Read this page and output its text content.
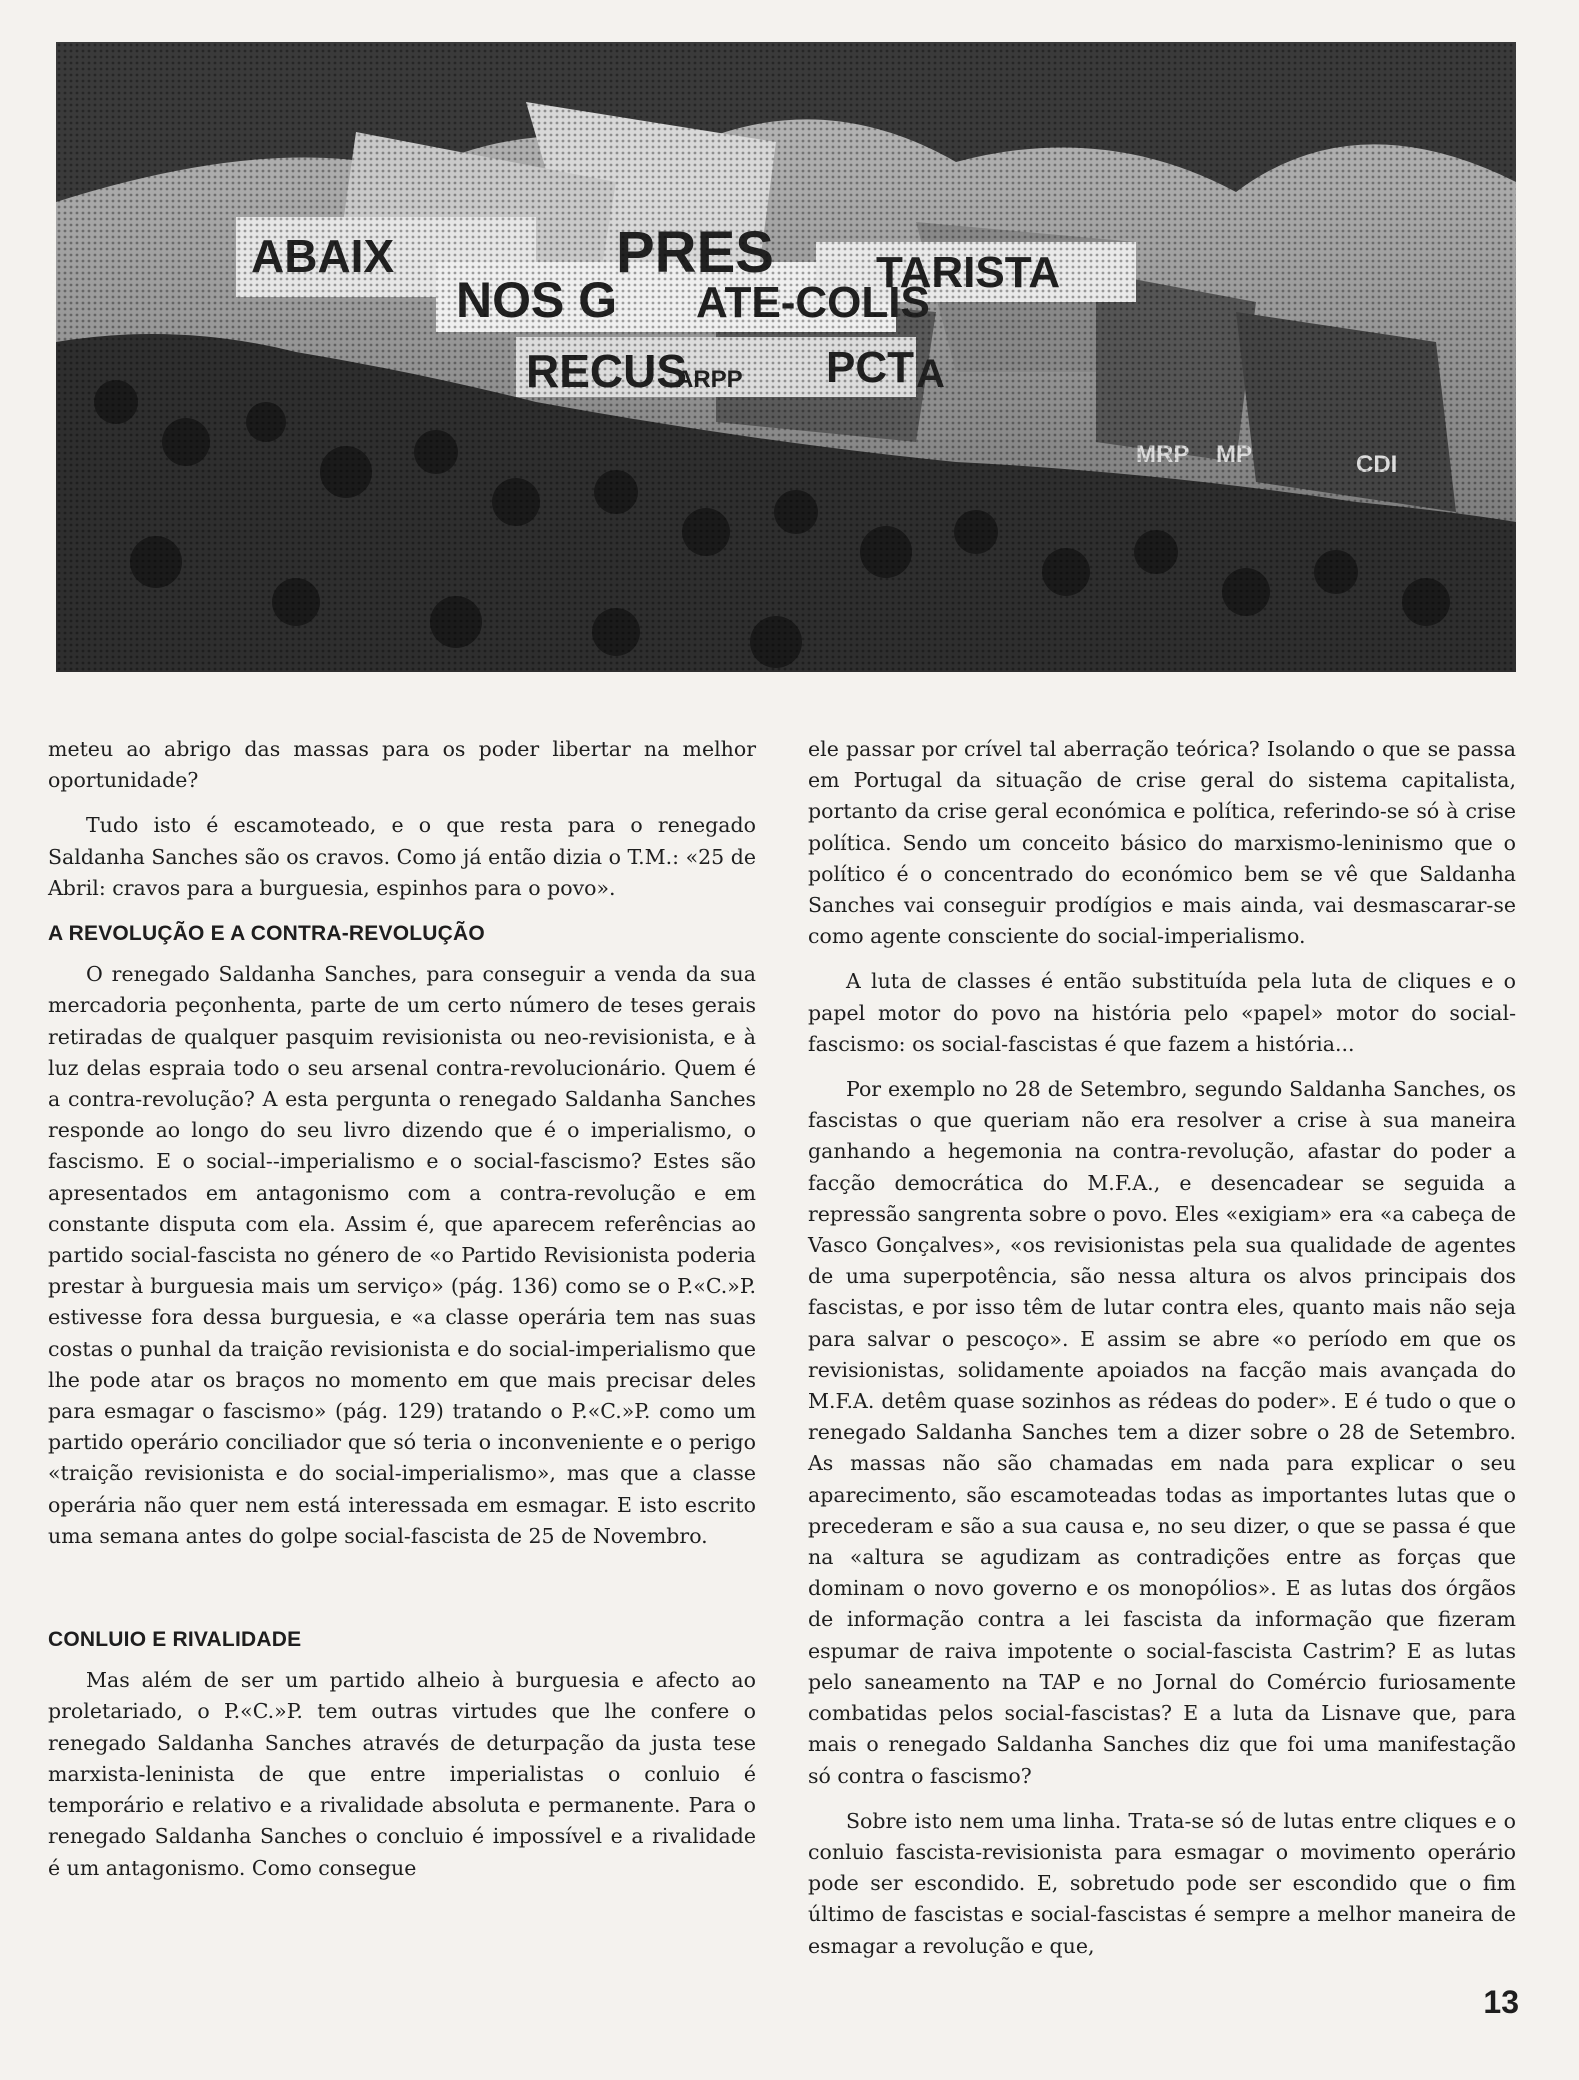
meteu ao abrigo das massas para os poder libertar na melhor oportunidade?

Tudo isto é escamoteado, e o que resta para o renegado Saldanha Sanches são os cravos. Como já então dizia o T.M.: «25 de Abril: cravos para a burguesia, espinhos para o povo».

A REVOLUÇÃO E A CONTRA-REVOLUÇÃO

O renegado Saldanha Sanches, para conseguir a venda da sua mercadoria peçonhenta, parte de um certo número de teses gerais retiradas de qualquer pasquim revisionista ou neo-revisionista, e à luz delas espraia todo o seu arsenal contra-revolucionário. Quem é a contra-revolução? A esta pergunta o renegado Saldanha Sanches responde ao longo do seu livro dizendo que é o imperialismo, o fascismo. E o social--imperialismo e o social-fascismo? Estes são apresentados em antagonismo com a contra-revolução e em constante disputa com ela. Assim é, que aparecem referências ao partido social-fascista no género de «o Partido Revisionista poderia prestar à burguesia mais um serviço» (pág. 136) como se o P.«C.»P. estivesse fora dessa burguesia, e «a classe operária tem nas suas costas o punhal da traição revisionista e do social-imperialismo que lhe pode atar os braços no momento em que mais precisar deles para esmagar o fascismo» (pág. 129) tratando o P.«C.»P. como um partido operário conciliador que só teria o inconveniente e o perigo «traição revisionista e do social-imperialismo», mas que a classe operária não quer nem está interessada em esmagar. E isto escrito uma semana antes do golpe social-fascista de 25 de Novembro.

CONLUIO E RIVALIDADE

Mas além de ser um partido alheio à burguesia e afecto ao proletariado, o P.«C.»P. tem outras virtudes que lhe confere o renegado Saldanha Sanches através de deturpação da justa tese marxista-leninista de que entre imperialistas o conluio é temporário e relativo e a rivalidade absoluta e permanente. Para o renegado Saldanha Sanches o concluio é impossível e a rivalidade é um antagonismo. Como consegue

ele passar por crível tal aberração teórica? Isolando o que se passa em Portugal da situação de crise geral do sistema capitalista, portanto da crise geral económica e política, referindo-se só à crise política. Sendo um conceito básico do marxismo-leninismo que o político é o concentrado do económico bem se vê que Saldanha Sanches vai conseguir prodígios e mais ainda, vai desmascarar-se como agente consciente do social-imperialismo.

A luta de classes é então substituída pela luta de cliques e o papel motor do povo na história pelo «papel» motor do social-fascismo: os social-fascistas é que fazem a história...

Por exemplo no 28 de Setembro, segundo Saldanha Sanches, os fascistas o que queriam não era resolver a crise à sua maneira ganhando a hegemonia na contra-revolução, afastar do poder a facção democrática do M.F.A., e desencadear se seguida a repressão sangrenta sobre o povo. Eles «exigiam» era «a cabeça de Vasco Gonçalves», «os revisionistas pela sua qualidade de agentes de uma superpotência, são nessa altura os alvos principais dos fascistas, e por isso têm de lutar contra eles, quanto mais não seja para salvar o pescoço». E assim se abre «o período em que os revisionistas, solidamente apoiados na facção mais avançada do M.F.A. detêm quase sozinhos as rédeas do poder». E é tudo o que o renegado Saldanha Sanches tem a dizer sobre o 28 de Setembro. As massas não são chamadas em nada para explicar o seu aparecimento, são escamoteadas todas as importantes lutas que o precederam e são a sua causa e, no seu dizer, o que se passa é que na «altura se agudizam as contradições entre as forças que dominam o novo governo e os monopólios». E as lutas dos órgãos de informação contra a lei fascista da informação que fizeram espumar de raiva impotente o social-fascista Castrim? E as lutas pelo saneamento na TAP e no Jornal do Comércio furiosamente combatidas pelos social-fascistas? E a luta da Lisnave que, para mais o renegado Saldanha Sanches diz que foi uma manifestação só contra o fascismo?

Sobre isto nem uma linha. Trata-se só de lutas entre cliques e o conluio fascista-revisionista para esmagar o movimento operário pode ser escondido. E, sobretudo pode ser escondido que o fim último de fascistas e social-fascistas é sempre a melhor maneira de esmagar a revolução e que,

13
